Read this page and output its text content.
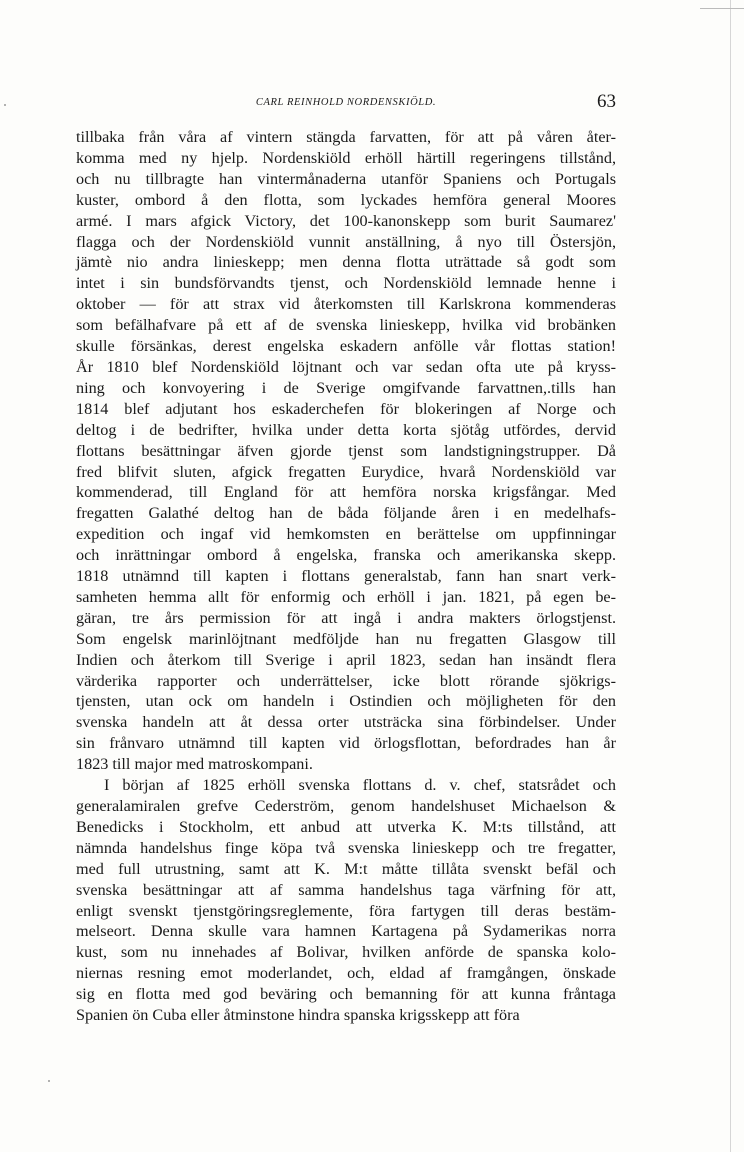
CARL REINHOLD NORDENSKIÖLD.	63
tillbaka från våra af vintern stängda farvatten, för att på våren åter-
komma med ny hjelp. Nordenskiöld erhöll härtill regeringens tillstånd,
och nu tillbragte han vintermånaderna utanför Spaniens och Portugals
kuster, ombord å den flotta, som lyckades hemföra general Moores
armé. I mars afgick Victory, det 100-kanonskepp som burit Saumarez'
flagga och der Nordenskiöld vunnit anställning, å nyo till Östersjön,
jämtè nio andra linieskepp; men denna flotta uträttade så godt som
intet i sin bundsförvandts tjenst, och Nordenskiöld lemnade henne i
oktober — för att strax vid återkomsten till Karlskrona kommenderas
som befälhafvare på ett af de svenska linieskepp, hvilka vid brobänken
skulle försänkas, derest engelska eskadern anfölle vår flottas station!
År 1810 blef Nordenskiöld löjtnant och var sedan ofta ute på kryss-
ning och konvoyering i de Sverige omgifvande farvattnen,.tills han
1814 blef adjutant hos eskaderchefen för blokeringen af Norge och
deltog i de bedrifter, hvilka under detta korta sjötåg utfördes, dervid
flottans besättningar äfven gjorde tjenst som landstigningstrupper. Då
fred blifvit sluten, afgick fregatten Eurydice, hvarå Nordenskiöld var
kommenderad, till England för att hemföra norska krigsfångar. Med
fregatten Galathé deltog han de båda följande åren i en medelhafs-
expedition och ingaf vid hemkomsten en berättelse om uppfinningar
och inrättningar ombord å engelska, franska och amerikanska skepp.
1818 utnämnd till kapten i flottans generalstab, fann han snart verk-
samheten hemma allt för enformig och erhöll i jan. 1821, på egen be-
gäran, tre års permission för att ingå i andra makters örlogstjenst.
Som engelsk marinlöjtnant medföljde han nu fregatten Glasgow till
Indien och återkom till Sverige i april 1823, sedan han insändt flera
värderika rapporter och underrättelser, icke blott rörande sjökrigs-
tjensten, utan ock om handeln i Ostindien och möjligheten för den
svenska handeln att åt dessa orter utsträcka sina förbindelser. Under
sin frånvaro utnämnd till kapten vid örlogsflottan, befordrades han år
1823 till major med matroskompani.
I början af 1825 erhöll svenska flottans d. v. chef, statsrådet och
generalamiralen grefve Cederström, genom handelshuset Michaelson &
Benedicks i Stockholm, ett anbud att utverka K. M:ts tillstånd, att
nämnda handelshus finge köpa två svenska linieskepp och tre fregatter,
med full utrustning, samt att K. M:t måtte tillåta svenskt befäl och
svenska besättningar att af samma handelshus taga värfning för att,
enligt svenskt tjenstgöringsreglemente, föra fartygen till deras bestäm-
melseort. Denna skulle vara hamnen Kartagena på Sydamerikas norra
kust, som nu innehades af Bolivar, hvilken anförde de spanska kolo-
niernas resning emot moderlandet, och, eldad af framgången, önskade
sig en flotta med god beväring och bemanning för att kunna fråntaga
Spanien ön Cuba eller åtminstone hindra spanska krigsskepp att föra
